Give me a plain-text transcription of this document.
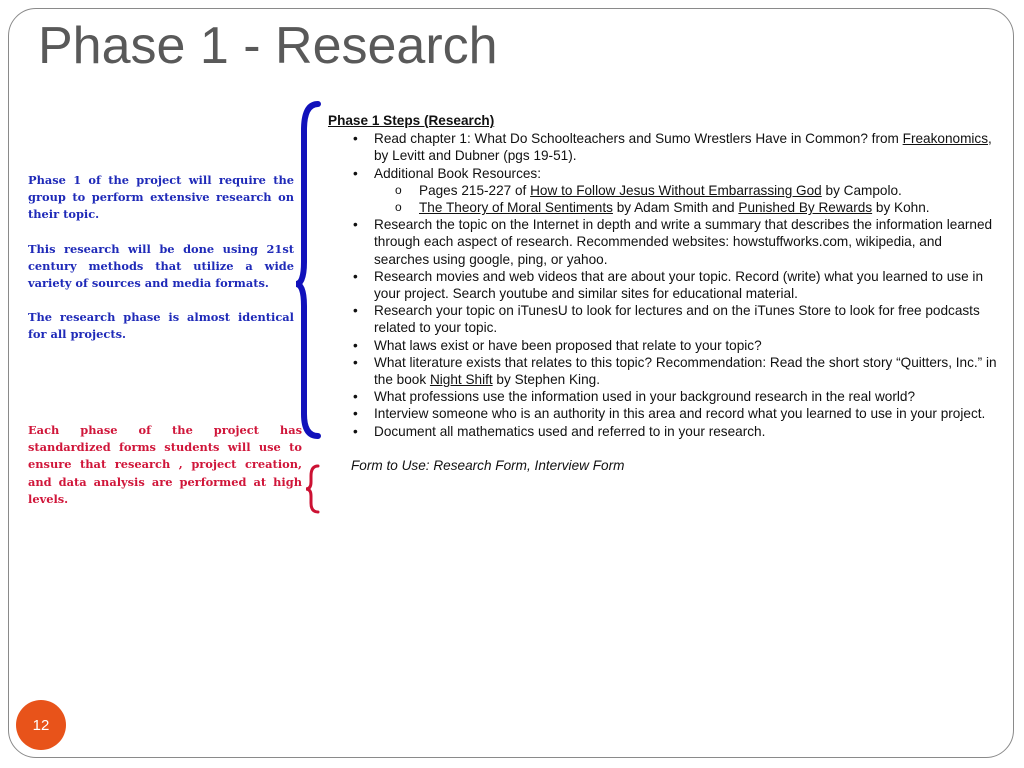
Phase 1 - Research

Phase 1 of the project will require the group to perform extensive research on their topic.

This research will be done using 21st century methods that utilize a wide variety of sources and media formats.

The research phase is almost identical for all projects.

Each phase of the project has standardized forms students will use to ensure that research , project creation, and data analysis are performed at high levels.

Phase 1 Steps (Research)
• Read chapter 1: What Do Schoolteachers and Sumo Wrestlers Have in Common? from Freakonomics, by Levitt and Dubner (pgs 19-51).
• Additional Book Resources:
o Pages 215-227 of How to Follow Jesus Without Embarrassing God by Campolo.
o The Theory of Moral Sentiments by Adam Smith and Punished By Rewards by Kohn.
• Research the topic on the Internet in depth and write a summary that describes the information learned through each aspect of research. Recommended websites: howstuffworks.com, wikipedia, and searches using google, ping, or yahoo.
• Research movies and web videos that are about your topic. Record (write) what you learned to use in your project. Search youtube and similar sites for educational material.
• Research your topic on iTunesU to look for lectures and on the iTunes Store to look for free podcasts related to your topic.
• What laws exist or have been proposed that relate to your topic?
• What literature exists that relates to this topic? Recommendation: Read the short story “Quitters, Inc.” in the book Night Shift by Stephen King.
• What professions use the information used in your background research in the real world?
• Interview someone who is an authority in this area and record what you learned to use in your project.
• Document all mathematics used and referred to in your research.
Form to Use: Research Form, Interview Form
12
